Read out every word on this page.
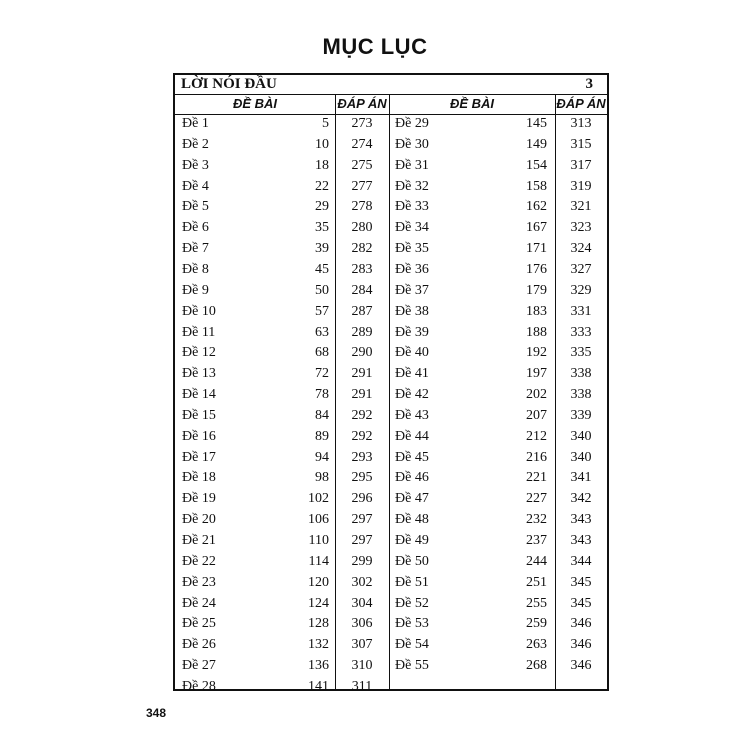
MỤC LỤC
LỜI NÓI ĐẦU	3
ĐỀ BÀI	ĐÁP ÁN	ĐỀ BÀI	ĐÁP ÁN
Đề 1	5	273
Đề 2	10	274
Đề 3	18	275
Đề 4	22	277
Đề 5	29	278
Đề 6	35	280
Đề 7	39	282
Đề 8	45	283
Đề 9	50	284
Đề 10	57	287
Đề 11	63	289
Đề 12	68	290
Đề 13	72	291
Đề 14	78	291
Đề 15	84	292
Đề 16	89	292
Đề 17	94	293
Đề 18	98	295
Đề 19	102	296
Đề 20	106	297
Đề 21	110	297
Đề 22	114	299
Đề 23	120	302
Đề 24	124	304
Đề 25	128	306
Đề 26	132	307
Đề 27	136	310
Đề 28	141	311
Đề 29	145	313
Đề 30	149	315
Đề 31	154	317
Đề 32	158	319
Đề 33	162	321
Đề 34	167	323
Đề 35	171	324
Đề 36	176	327
Đề 37	179	329
Đề 38	183	331
Đề 39	188	333
Đề 40	192	335
Đề 41	197	338
Đề 42	202	338
Đề 43	207	339
Đề 44	212	340
Đề 45	216	340
Đề 46	221	341
Đề 47	227	342
Đề 48	232	343
Đề 49	237	343
Đề 50	244	344
Đề 51	251	345
Đề 52	255	345
Đề 53	259	346
Đề 54	263	346
Đề 55	268	346
348
